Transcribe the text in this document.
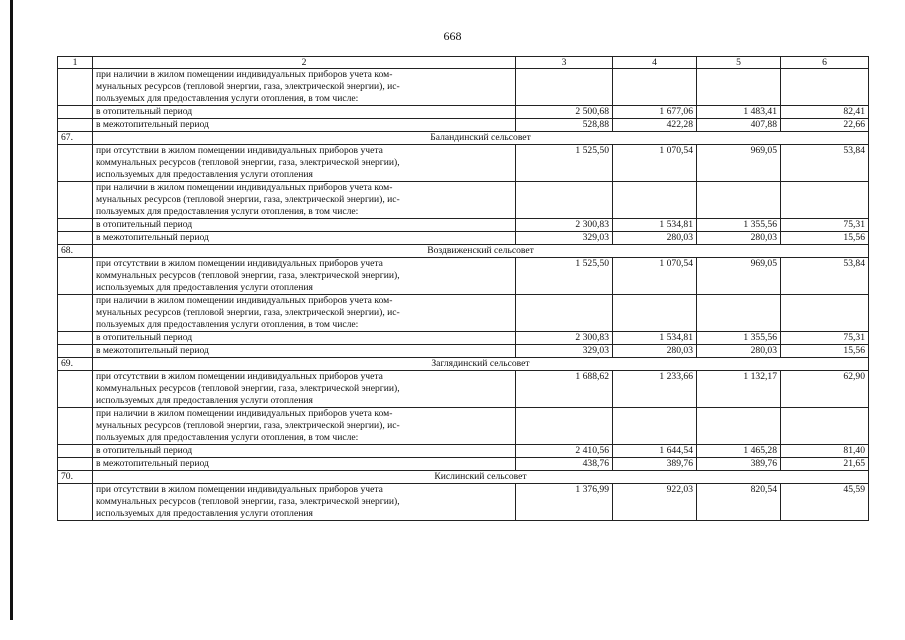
668
1	2	3	4	5	6
	при наличии в жилом помещении индивидуальных приборов учета ком-
мунальных ресурсов (тепловой энергии, газа, электрической энергии), ис-
пользуемых для предоставления услуги отопления, в том числе:				
	в отопительный период	2 500,68	1 677,06	1 483,41	82,41
	в межотопительный период	528,88	422,28	407,88	22,66
67.	Баландинский сельсовет				
	при отсутствии в жилом помещении индивидуальных приборов учета
коммунальных ресурсов (тепловой энергии, газа, электрической энергии),
используемых для предоставления услуги отопления	1 525,50	1 070,54	969,05	53,84
	при наличии в жилом помещении индивидуальных приборов учета ком-
мунальных ресурсов (тепловой энергии, газа, электрической энергии), ис-
пользуемых для предоставления услуги отопления, в том числе:				
	в отопительный период	2 300,83	1 534,81	1 355,56	75,31
	в межотопительный период	329,03	280,03	280,03	15,56
68.	Воздвиженский сельсовет				
	при отсутствии в жилом помещении индивидуальных приборов учета
коммунальных ресурсов (тепловой энергии, газа, электрической энергии),
используемых для предоставления услуги отопления	1 525,50	1 070,54	969,05	53,84
	при наличии в жилом помещении индивидуальных приборов учета ком-
мунальных ресурсов (тепловой энергии, газа, электрической энергии), ис-
пользуемых для предоставления услуги отопления, в том числе:				
	в отопительный период	2 300,83	1 534,81	1 355,56	75,31
	в межотопительный период	329,03	280,03	280,03	15,56
69.	Заглядинский сельсовет				
	при отсутствии в жилом помещении индивидуальных приборов учета
коммунальных ресурсов (тепловой энергии, газа, электрической энергии),
используемых для предоставления услуги отопления	1 688,62	1 233,66	1 132,17	62,90
	при наличии в жилом помещении индивидуальных приборов учета ком-
мунальных ресурсов (тепловой энергии, газа, электрической энергии), ис-
пользуемых для предоставления услуги отопления, в том числе:				
	в отопительный период	2 410,56	1 644,54	1 465,28	81,40
	в межотопительный период	438,76	389,76	389,76	21,65
70.	Кислинский сельсовет				
	при отсутствии в жилом помещении индивидуальных приборов учета
коммунальных ресурсов (тепловой энергии, газа, электрической энергии),
используемых для предоставления услуги отопления	1 376,99	922,03	820,54	45,59
